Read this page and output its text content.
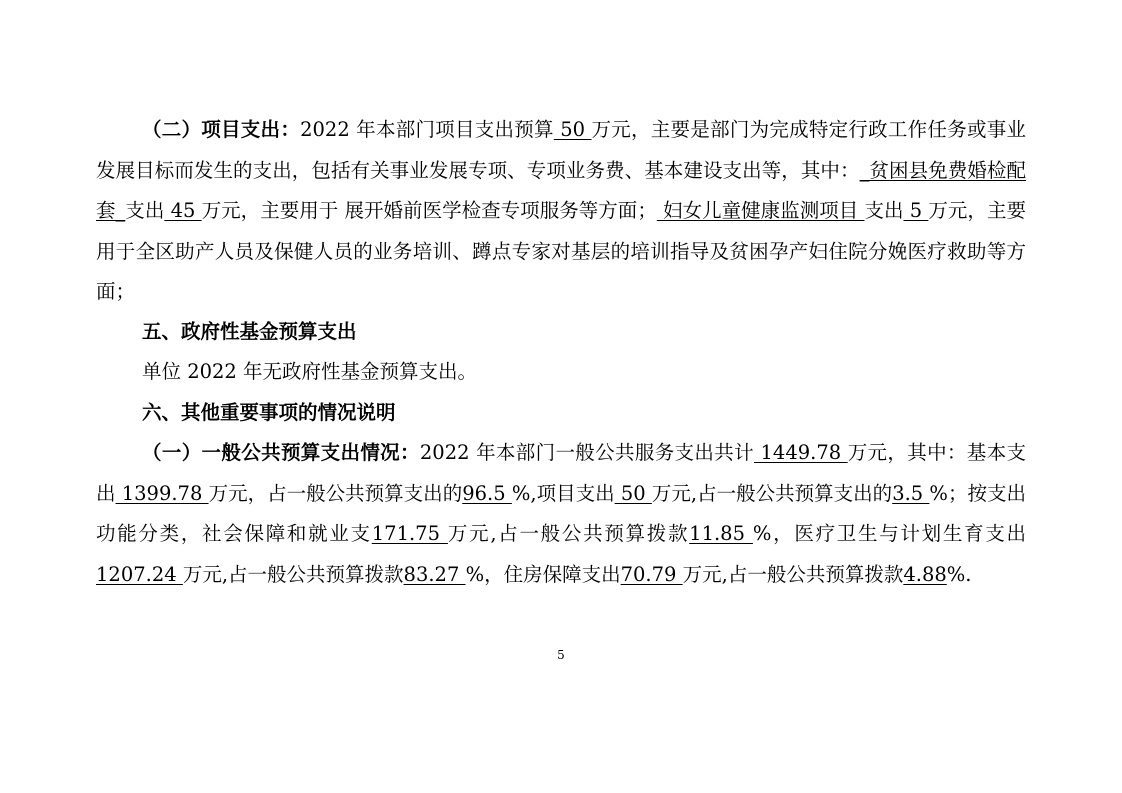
（二）项目支出：2022 年本部门项目支出预算 50 万元，主要是部门为完成特定行政工作任务或事业发展目标而发生的支出，包括有关事业发展专项、专项业务费、基本建设支出等，其中：_贫困县免费婚检配套_支出 45 万元，主要用于 展开婚前医学检查专项服务等方面； 妇女儿童健康监测项目 支出 5 万元，主要用于全区助产人员及保健人员的业务培训、蹲点专家对基层的培训指导及贫困孕产妇住院分娩医疗救助等方面；

五、政府性基金预算支出

单位 2022 年无政府性基金预算支出。

六、其他重要事项的情况说明

（一）一般公共预算支出情况：2022 年本部门一般公共服务支出共计 1449.78 万元，其中：基本支出 1399.78 万元，占一般公共预算支出的96.5 %,项目支出 50 万元,占一般公共预算支出的3.5 %；按支出功能分类，社会保障和就业支171.75 万元,占一般公共预算拨款11.85 %，医疗卫生与计划生育支出1207.24 万元,占一般公共预算拨款83.27 %，住房保障支出70.79 万元,占一般公共预算拨款4.88%.

5
